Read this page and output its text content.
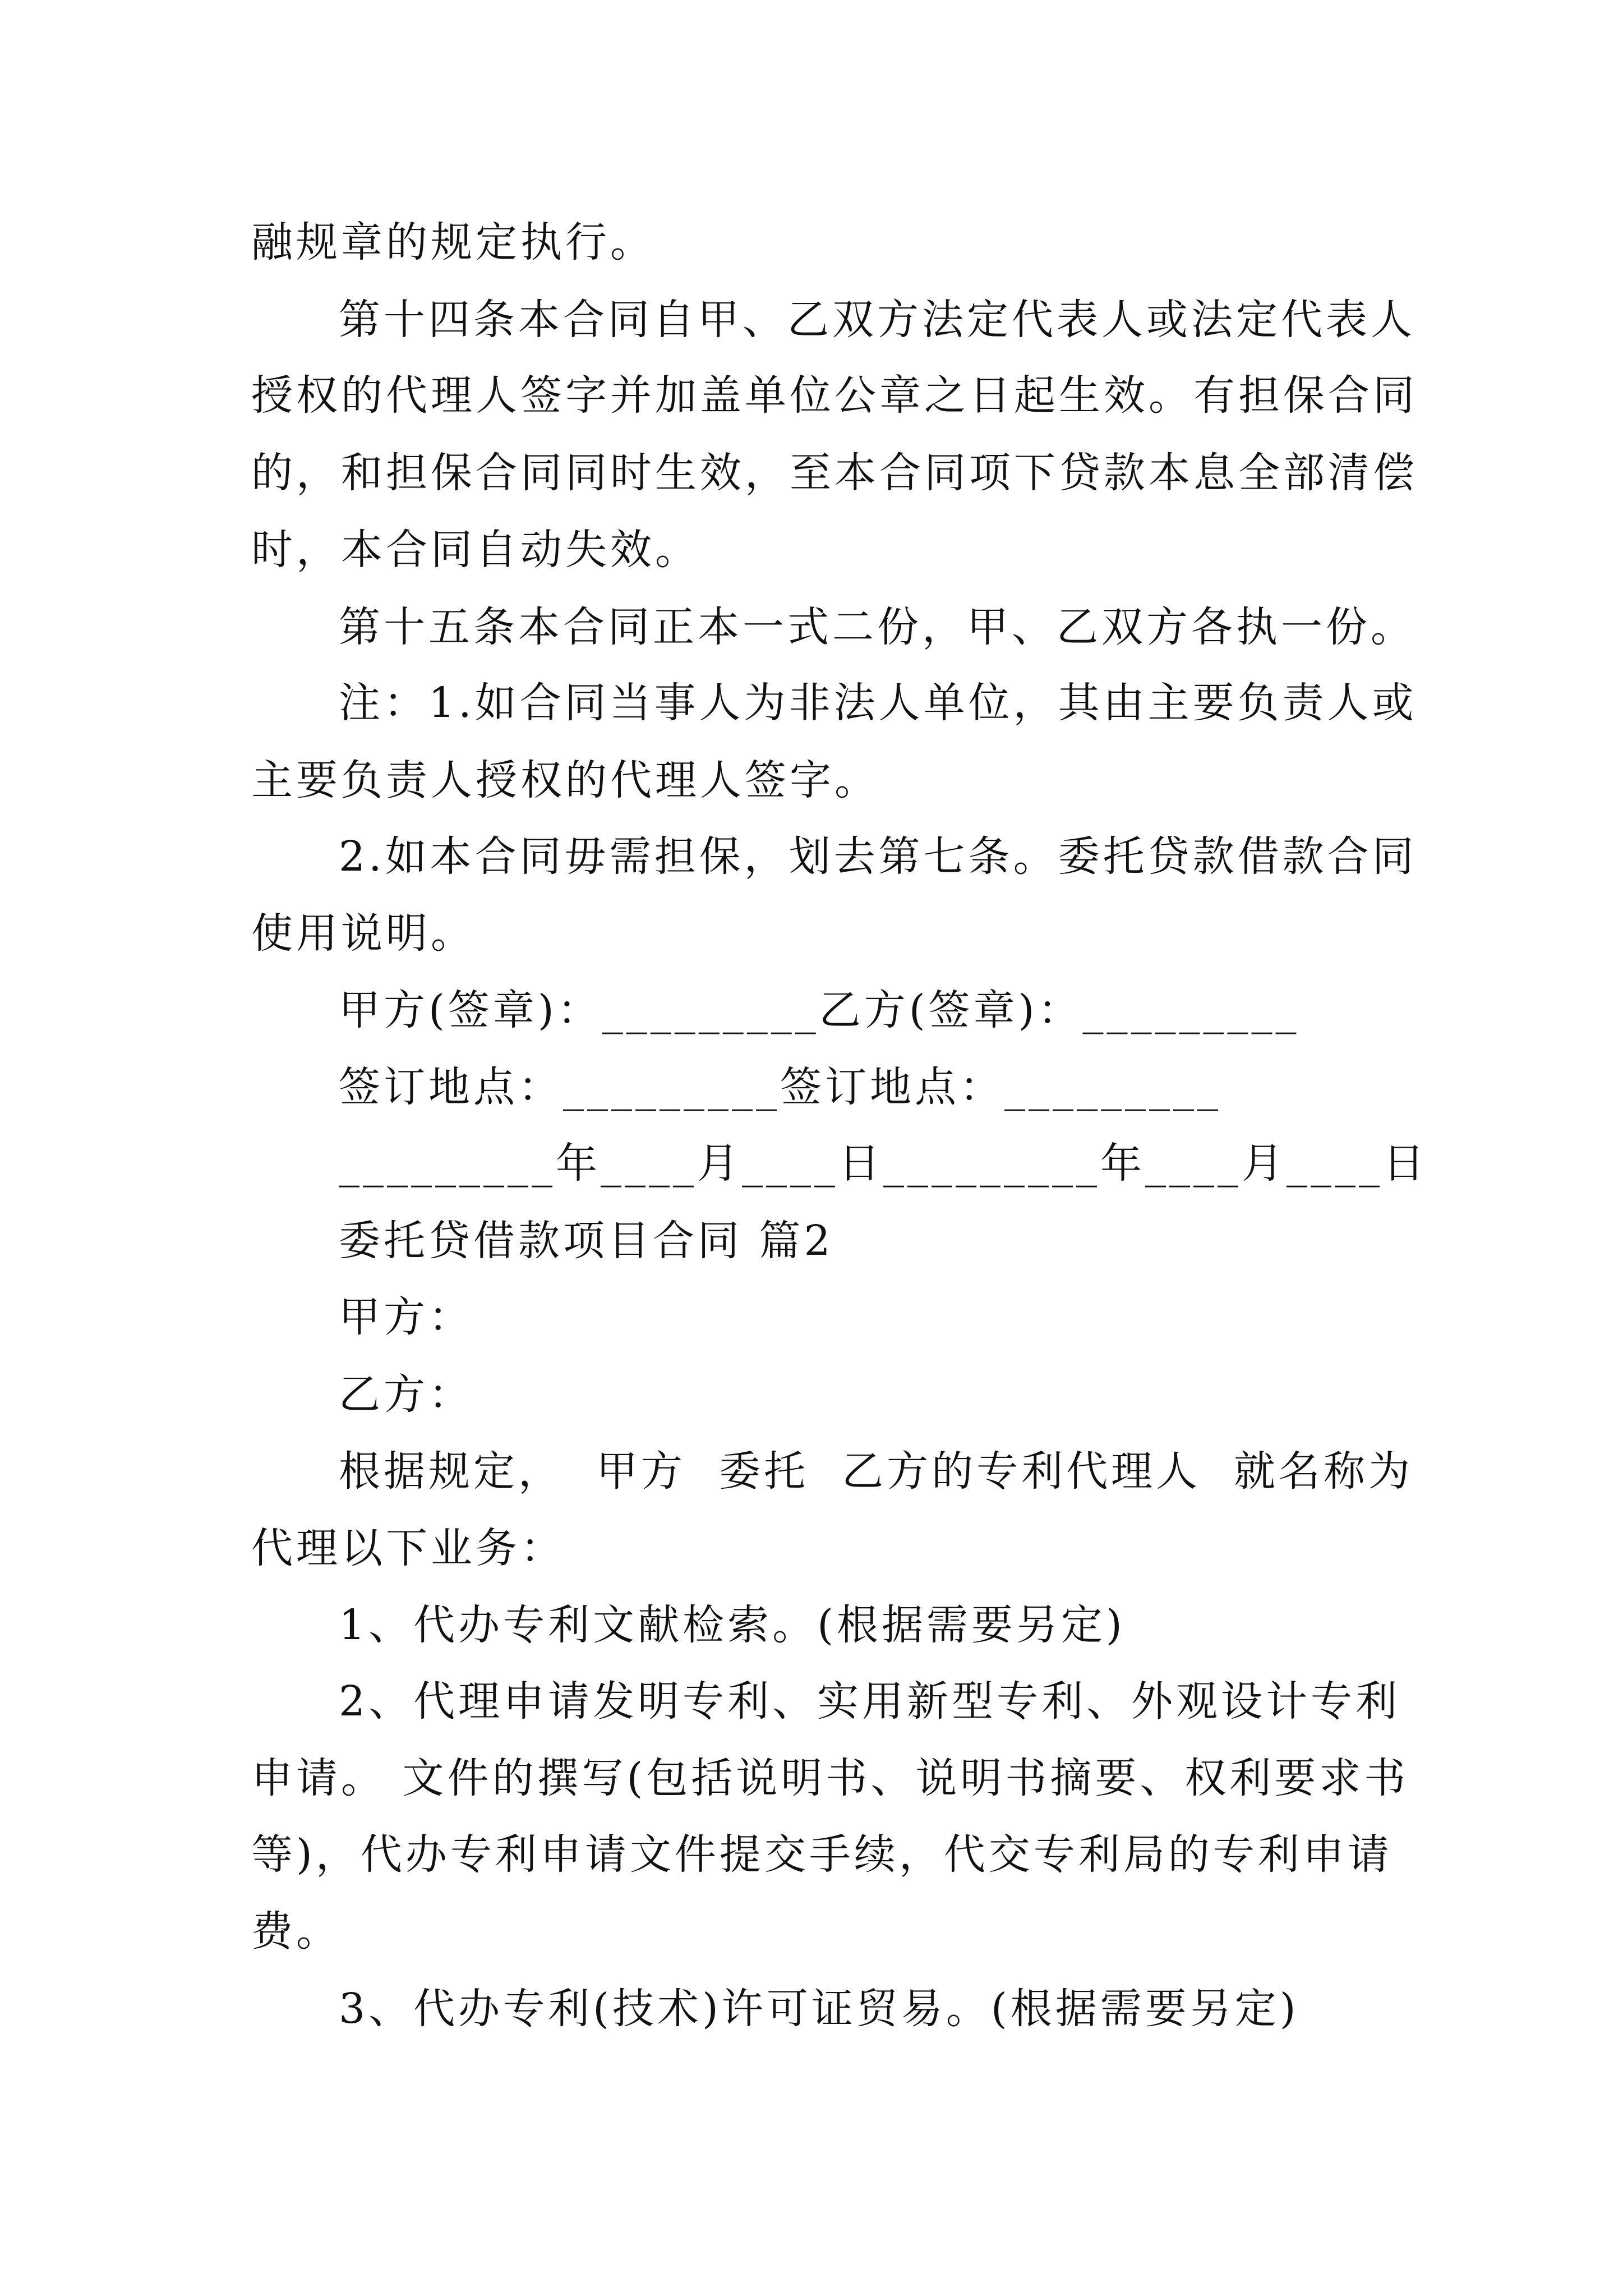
融规章的规定执行。
第十四条本合同自甲、乙双方法定代表人或法定代表人
授权的代理人签字并加盖单位公章之日起生效。有担保合同
的，和担保合同同时生效，至本合同项下贷款本息全部清偿
时，本合同自动失效。
第十五条本合同正本一式二份，甲、乙双方各执一份。
注：1.如合同当事人为非法人单位，其由主要负责人或
主要负责人授权的代理人签字。
2.如本合同毋需担保，划去第七条。委托贷款借款合同
使用说明。
甲方(签章)：_________乙方(签章)：_________
签订地点：_________签订地点：_________
_________年____月____日_________年____月____日
委托贷借款项目合同 篇2
甲方：
乙方：
根据规定，  甲方  委托  乙方的专利代理人  就名称为
代理以下业务：
1、代办专利文献检索。(根据需要另定)
2、代理申请发明专利、实用新型专利、外观设计专利
申请。 文件的撰写(包括说明书、说明书摘要、权利要求书
等)，代办专利申请文件提交手续，代交专利局的专利申请
费。
3、代办专利(技术)许可证贸易。(根据需要另定)
